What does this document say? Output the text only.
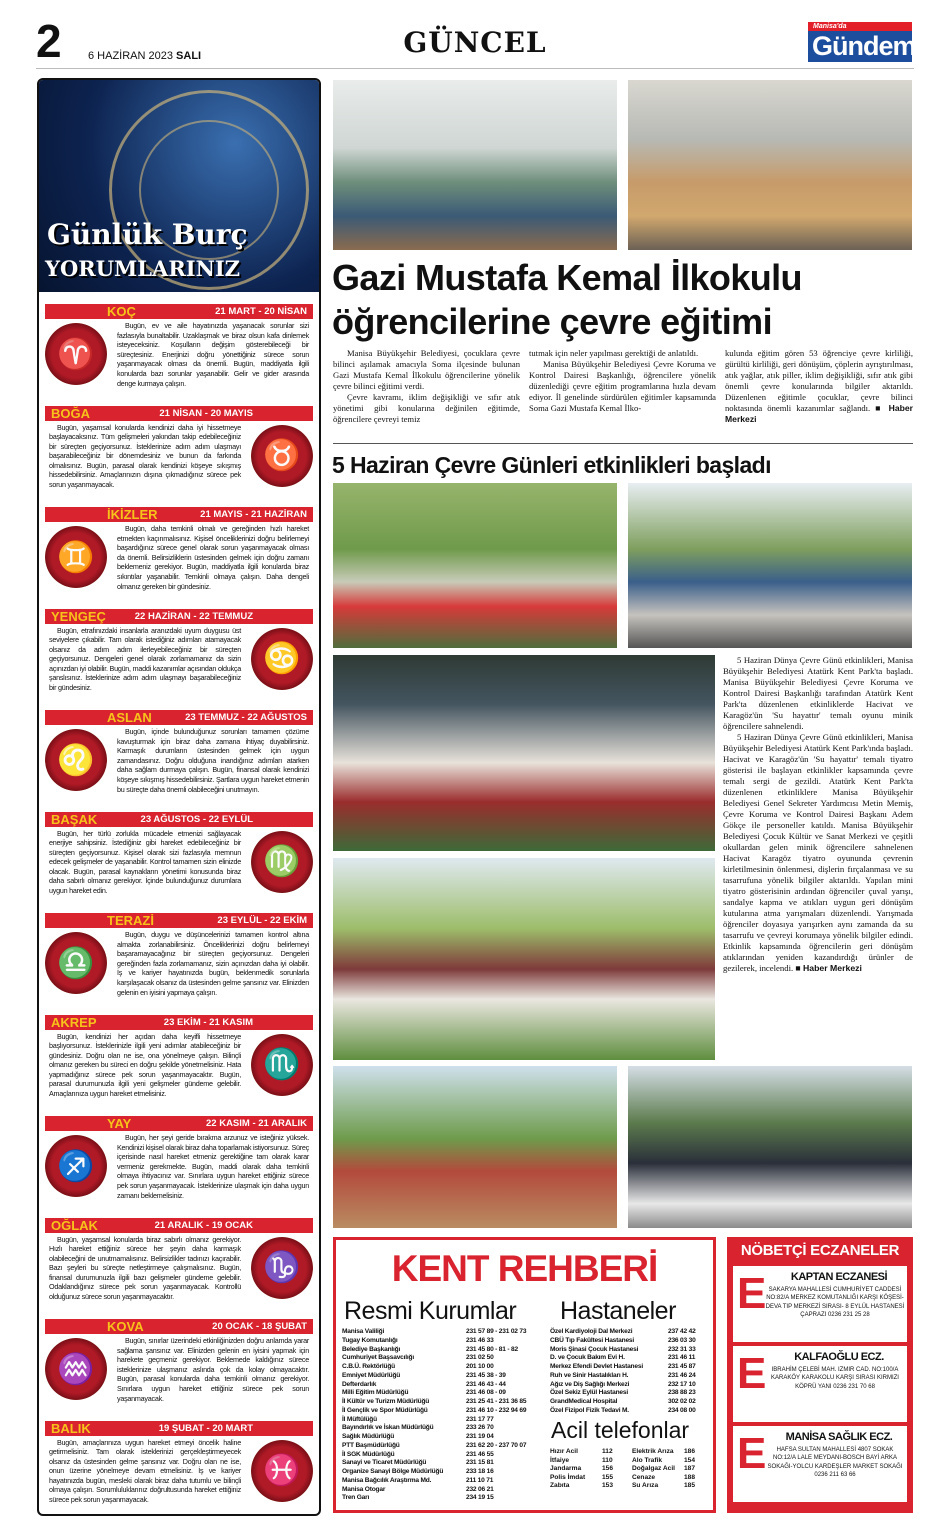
2 6 HAZİRAN 2023 SALI	GÜNCEL	Manisa'da
Gündem
Günlük Burç
YORUMLARINIZ
KOÇ	21 MART - 20 NİSAN
♈
Bugün, ev ve aile hayatınızda yaşanacak sorunlar sizi fazlasıyla bunaltabilir. Uzaklaşmak ve biraz olsun kafa dinlemek isteyeceksiniz. Koşulların değişim gösterebileceği bir süreçtesiniz. Enerjinizi doğru yönettiğiniz sürece sorun yaşanmayacak olması da önemli. Bugün, maddiyatla ilgili konularda bazı sorunlar yaşanabilir. Gelir ve gider arasında denge kurmaya çalışın.
BOĞA	21 NİSAN - 20 MAYIS
♉
Bugün, yaşamsal konularda kendinizi daha iyi hissetmeye başlayacaksınız. Tüm gelişmeleri yakından takip edebileceğiniz bir süreçten geçiyorsunuz. İsteklerinize adım adım ulaşmayı başarabileceğiniz bir dönemdesiniz ve bunun da farkında olmalısınız. Bugün, parasal olarak kendinizi köşeye sıkışmış hissedebilirsiniz. Amaçlarınızın dışına çıkmadığınız sürece pek sorun yaşanmayacak.
İKİZLER	21 MAYIS - 21 HAZİRAN
♊
Bugün, daha temkinli olmalı ve gereğinden hızlı hareket etmekten kaçınmalısınız. Kişisel önceliklerinizi doğru belirlemeyi başardığınız sürece genel olarak sorun yaşanmayacak olması da önemli. Belirsizliklerin üstesinden gelmek için doğru zamanı beklemeniz gerekiyor. Bugün, maddiyatla ilgili konularda biraz sıkıntılar yaşanabilir. Temkinli olmaya çalışın. Daha dengeli olmanız gereken bir gündesiniz.
YENGEÇ	22 HAZİRAN - 22 TEMMUZ
♋
Bugün, etrafınızdaki insanlarla aranızdaki uyum duygusu üst seviyelere çıkabilir. Tam olarak istediğiniz adımları atamayacak olsanız da adım adım ilerleyebileceğiniz bir süreçten geçiyorsunuz. Dengeleri genel olarak zorlamamanız da sizin açınızdan iyi olabilir. Bugün, maddi kazanımlar açısından oldukça şanslısınız. İsteklerinize adım adım ulaşmayı başarabileceğiniz bir gündesiniz.
ASLAN	23 TEMMUZ - 22 AĞUSTOS
♌
Bugün, içinde bulunduğunuz sorunları tamamen çözüme kavuşturmak için biraz daha zamana ihtiyaç duyabilirsiniz. Karmaşık durumların üstesinden gelmek için uygun zamandasınız. Doğru olduğuna inandığınız adımları atarken daha sağlam durmaya çalışın. Bugün, finansal olarak kendinizi köşeye sıkışmış hissedebilirsiniz. Şartlara uygun hareket etmenin bu süreçte daha önemli olabileceğini unutmayın.
BAŞAK	23 AĞUSTOS - 22 EYLÜL
♍
Bugün, her türlü zorlukla mücadele etmenizi sağlayacak enerjiye sahipsiniz. İstediğiniz gibi hareket edebileceğiniz bir süreçten geçiyorsunuz. Kişisel olarak sizi fazlasıyla memnun edecek gelişmeler de yaşanabilir. Kontrol tamamen sizin elinizde olacak. Bugün, parasal kaynakların yönetimi konusunda biraz daha sabırlı olmanız gerekiyor. İçinde bulunduğunuz durumlara uygun hareket edin.
TERAZİ	23 EYLÜL - 22 EKİM
♎
Bugün, duygu ve düşüncelerinizi tamamen kontrol altına almakta zorlanabilirsiniz. Önceliklerinizi doğru belirlemeyi başaramayacağınız bir süreçten geçiyorsunuz. Dengeleri gereğinden fazla zorlamamanız, sizin açınızdan daha iyi olabilir. İş ve kariyer hayatınızda bugün, beklenmedik sorunlarla karşılaşacak olsanız da üstesinden gelme şansınız var. Elinizden gelenin en iyisini yapmaya çalışın.
AKREP	23 EKİM - 21 KASIM
♏
Bugün, kendinizi her açıdan daha keyifli hissetmeye başlıyorsunuz. İsteklerinizle ilgili yeni adımlar atabileceğiniz bir gündesiniz. Doğru olan ne ise, ona yönelmeye çalışın. Bilinçli olmanız gereken bu süreci en doğru şekilde yönetmelisiniz. Hata yapmadığınız sürece pek sorun yaşanmayacaktır. Bugün, parasal durumunuzla ilgili yeni gelişmeler gündeme gelebilir. Amaçlarınıza uygun hareket etmelisiniz.
YAY	22 KASIM - 21 ARALIK
♐
Bugün, her şeyi geride bırakma arzunuz ve isteğiniz yüksek. Kendinizi kişisel olarak biraz daha toparlamak istiyorsunuz. Süreç içerisinde nasıl hareket etmeniz gerektiğine tam olarak karar vermeniz gerekmekte. Bugün, maddi olarak daha temkinli olmaya ihtiyacınız var. Sınırlara uygun hareket ettiğiniz sürece pek sorun yaşanmayacak. İsteklerinize ulaşmak için daha uygun zamanı beklemelisiniz.
OĞLAK	21 ARALIK - 19 OCAK
♑
Bugün, yaşamsal konularda biraz sabırlı olmanız gerekiyor. Hızlı hareket ettiğiniz sürece her şeyin daha karmaşık olabileceğini de unutmamalısınız. Belirsizlikler tadınızı kaçırabilir. Bazı şeyleri bu süreçte netleştirmeye çalışmalısınız. Bugün, finansal durumunuzla ilgili bazı gelişmeler gündeme gelebilir. Odaklandığınız sürece pek sorun yaşanmayacak. Kontrollü olduğunuz sürece sorun yaşanmayacaktır.
KOVA	20 OCAK - 18 ŞUBAT
♒
Bugün, sınırlar üzerindeki etkinliğinizden doğru anlamda yarar sağlama şansınız var. Elinizden gelenin en iyisini yapmak için harekete geçmeniz gerekiyor. Beklemede kaldığınız sürece isteklerinize ulaşmanız aslında çok da kolay olmayacaktır. Bugün, parasal konularda daha temkinli olmanız gerekiyor. Sınırlara uygun hareket ettiğiniz sürece pek sorun yaşanmayacak.
BALIK	19 ŞUBAT - 20 MART
♓
Bugün, amaçlarınıza uygun hareket etmeyi öncelik haline getirmelisiniz. Tam olarak isteklerinizi gerçekleştirmeyecek olsanız da üstesinden gelme şansınız var. Doğru olan ne ise, onun üzerine yönelmeye devam etmelisiniz. İş ve kariyer hayatınızda bugün, mesleki olarak biraz daha tutumlu ve bilinçli olmaya çalışın. Sorumluluklarınız doğrultusunda hareket ettiğiniz sürece pek sorun yaşanmayacak.
Gazi Mustafa Kemal İlkokulu öğrencilerine çevre eğitimi

Manisa Büyükşehir Belediyesi, çocuklara çevre bilinci aşılamak amacıyla Soma ilçesinde bulunan Gazi Mustafa Kemal İlkokulu öğrencilerine yönelik çevre bilinci eğitimi verdi.

Çevre kavramı, iklim değişikliği ve sıfır atık yönetimi gibi konularına değinilen eğitimde, öğrencilere çevreyi temiz

tutmak için neler yapılması gerektiği de anlatıldı.

Manisa Büyükşehir Belediyesi Çevre Koruma ve Kontrol Dairesi Başkanlığı, öğrencilere yönelik düzenlediği çevre eğitim programlarına hızla devam ediyor. İl genelinde sürdürülen eğitimler kapsamında Soma Gazi Mustafa Kemal İlko-

kulunda eğitim gören 53 öğrenciye çevre kirliliği, gürültü kirliliği, geri dönüşüm, çöplerin ayrıştırılması, atık yağlar, atık piller, iklim değişikliği, sıfır atık gibi önemli çevre konularında bilgiler aktarıldı. Düzenlenen eğitimle çocuklar, çevre bilinci noktasında önemli kazanımlar sağlandı. ■ Haber Merkezi

5 Haziran Çevre Günleri etkinlikleri başladı

5 Haziran Dünya Çevre Günü etkinlikleri, Manisa Büyükşehir Belediyesi Atatürk Kent Park'ta başladı. Manisa Büyükşehir Belediyesi Çevre Koruma ve Kontrol Dairesi Başkanlığı tarafından Atatürk Kent Park'ta düzenlenen etkinliklerde Hacivat ve Karagöz'ün 'Su hayattır' temalı oyunu minik öğrencilere sahnelendi.

5 Haziran Dünya Çevre Günü etkinlikleri, Manisa Büyükşehir Belediyesi Atatürk Kent Park'ında başladı. Hacivat ve Karagöz'ün 'Su hayattır' temalı tiyatro gösterisi ile başlayan etkinlikler kapsamında çevre temalı sergi de gezildi. Atatürk Kent Park'ta düzenlenen etkinliklere Manisa Büyükşehir Belediyesi Genel Sekreter Yardımcısı Metin Memiş, Çevre Koruma ve Kontrol Dairesi Başkanı Adem Gökçe ile personeller katıldı. Manisa Büyükşehir Belediyesi Çocuk Kültür ve Sanat Merkezi ve çeşitli okullardan gelen minik öğrencilere sahnelenen Hacivat Karagöz tiyatro oyununda çevrenin kirletilmesinin önlenmesi, dişlerin fırçalanması ve su tasarrufuna yönelik bilgiler aktarıldı. Yapılan mini tiyatro gösterisinin ardından öğrenciler çuval yarışı, sandalye kapma ve atıkları uygun geri dönüşüm kutularına atma yarışmaları düzenlendi. Yarışmada öğrenciler doyasıya yarışırken aynı zamanda da su tasarrufu ve çevreyi korumaya yönelik bilgiler edindi. Etkinlik kapsamında öğrencilerin geri dönüşüm atıklarından yeniden kazandırdığı ürünler de gezilerek, incelendi. ■ Haber Merkezi

KENT REHBERİ
Resmi Kurumlar Hastaneler
Manisa Valiliği	231 57 89 - 231 02 73
Tugay Komutanlığı	231 46 33
Belediye Başkanlığı	231 45 80 - 81 - 82
Cumhuriyet Başsavcılığı	231 02 50
C.B.Ü. Rektörlüğü	201 10 00
Emniyet Müdürlüğü	231 45 38 - 39
Defterdarlık	231 46 43 - 44
Milli Eğitim Müdürlüğü	231 46 08 - 09
İl Kültür ve Turizm Müdürlüğü	231 25 41 - 231 36 85
İl Gençlik ve Spor Müdürlüğü	231 46 10 - 232 94 69
İl Müftülüğü	231 17 77
Bayındırlık ve İskan Müdürlüğü	233 26 70
Sağlık Müdürlüğü	231 19 04
PTT Başmüdürlüğü	231 62 20 - 237 70 07
İl SGK Müdürlüğü	231 46 55
Sanayi ve Ticaret Müdürlüğü	231 15 81
Organize Sanayi Bölge Müdürlüğü	233 18 16
Manisa Bağcılık Araştırma Md.	211 10 71
Manisa Otogar	232 06 21
Tren Garı	234 19 15
Özel Kardiyoloji Dal Merkezi	237 42 42
CBÜ Tıp Fakültesi Hastanesi	236 03 30
Moris Şinasi Çocuk Hastanesi	232 31 33
D. ve Çocuk Bakım Evi H.	231 46 11
Merkez Efendi Devlet Hastanesi	231 45 87
Ruh ve Sinir Hastalıkları H.	231 46 24
Ağız ve Diş Sağlığı Merkezi	232 17 10
Özel Sekiz Eylül Hastanesi	238 88 23
GrandMedical Hospital	302 02 02
Özel Fizipol Fizik Tedavi M.	234 08 00
Acil telefonlar
Hızır Acil	112
İtfaiye	110
Jandarma	156
Polis İmdat	155
Zabıta	153
Elektrik Arıza 186
Alo Trafik	154
Doğalgaz Acil 187
Cenaze	188
Su Arıza	185
NÖBETÇİ ECZANELER
E	KAPTAN ECZANESİ
SAKARYA MAHALLESİ CUMHURİYET CADDESİ NO:82/A MERKEZ KOMUTANLIĞI KARŞI KÖŞESİ-DEVA TIP MERKEZİ SIRASI- 8 EYLÜL HASTANESİ ÇAPRAZI 0236 231 25 28
E	KALFAOĞLU ECZ.
IBRAHİM ÇELEBİ MAH. IZMIR CAD. NO:100/A KARAKÖY KARAKOLU KARŞI SIRASI KIRMIZI KÖPRÜ YANI 0236 231 70 68
E	MANİSA SAĞLIK ECZ.
HAFSA SULTAN MAHALLESİ 4807 SOKAK NO:12/A LALE MEYDANI-BOSCH BAYİ ARKA SOKAĞI-YOLCU KARDEŞLER MARKET SOKAĞI 0236 211 63 66
